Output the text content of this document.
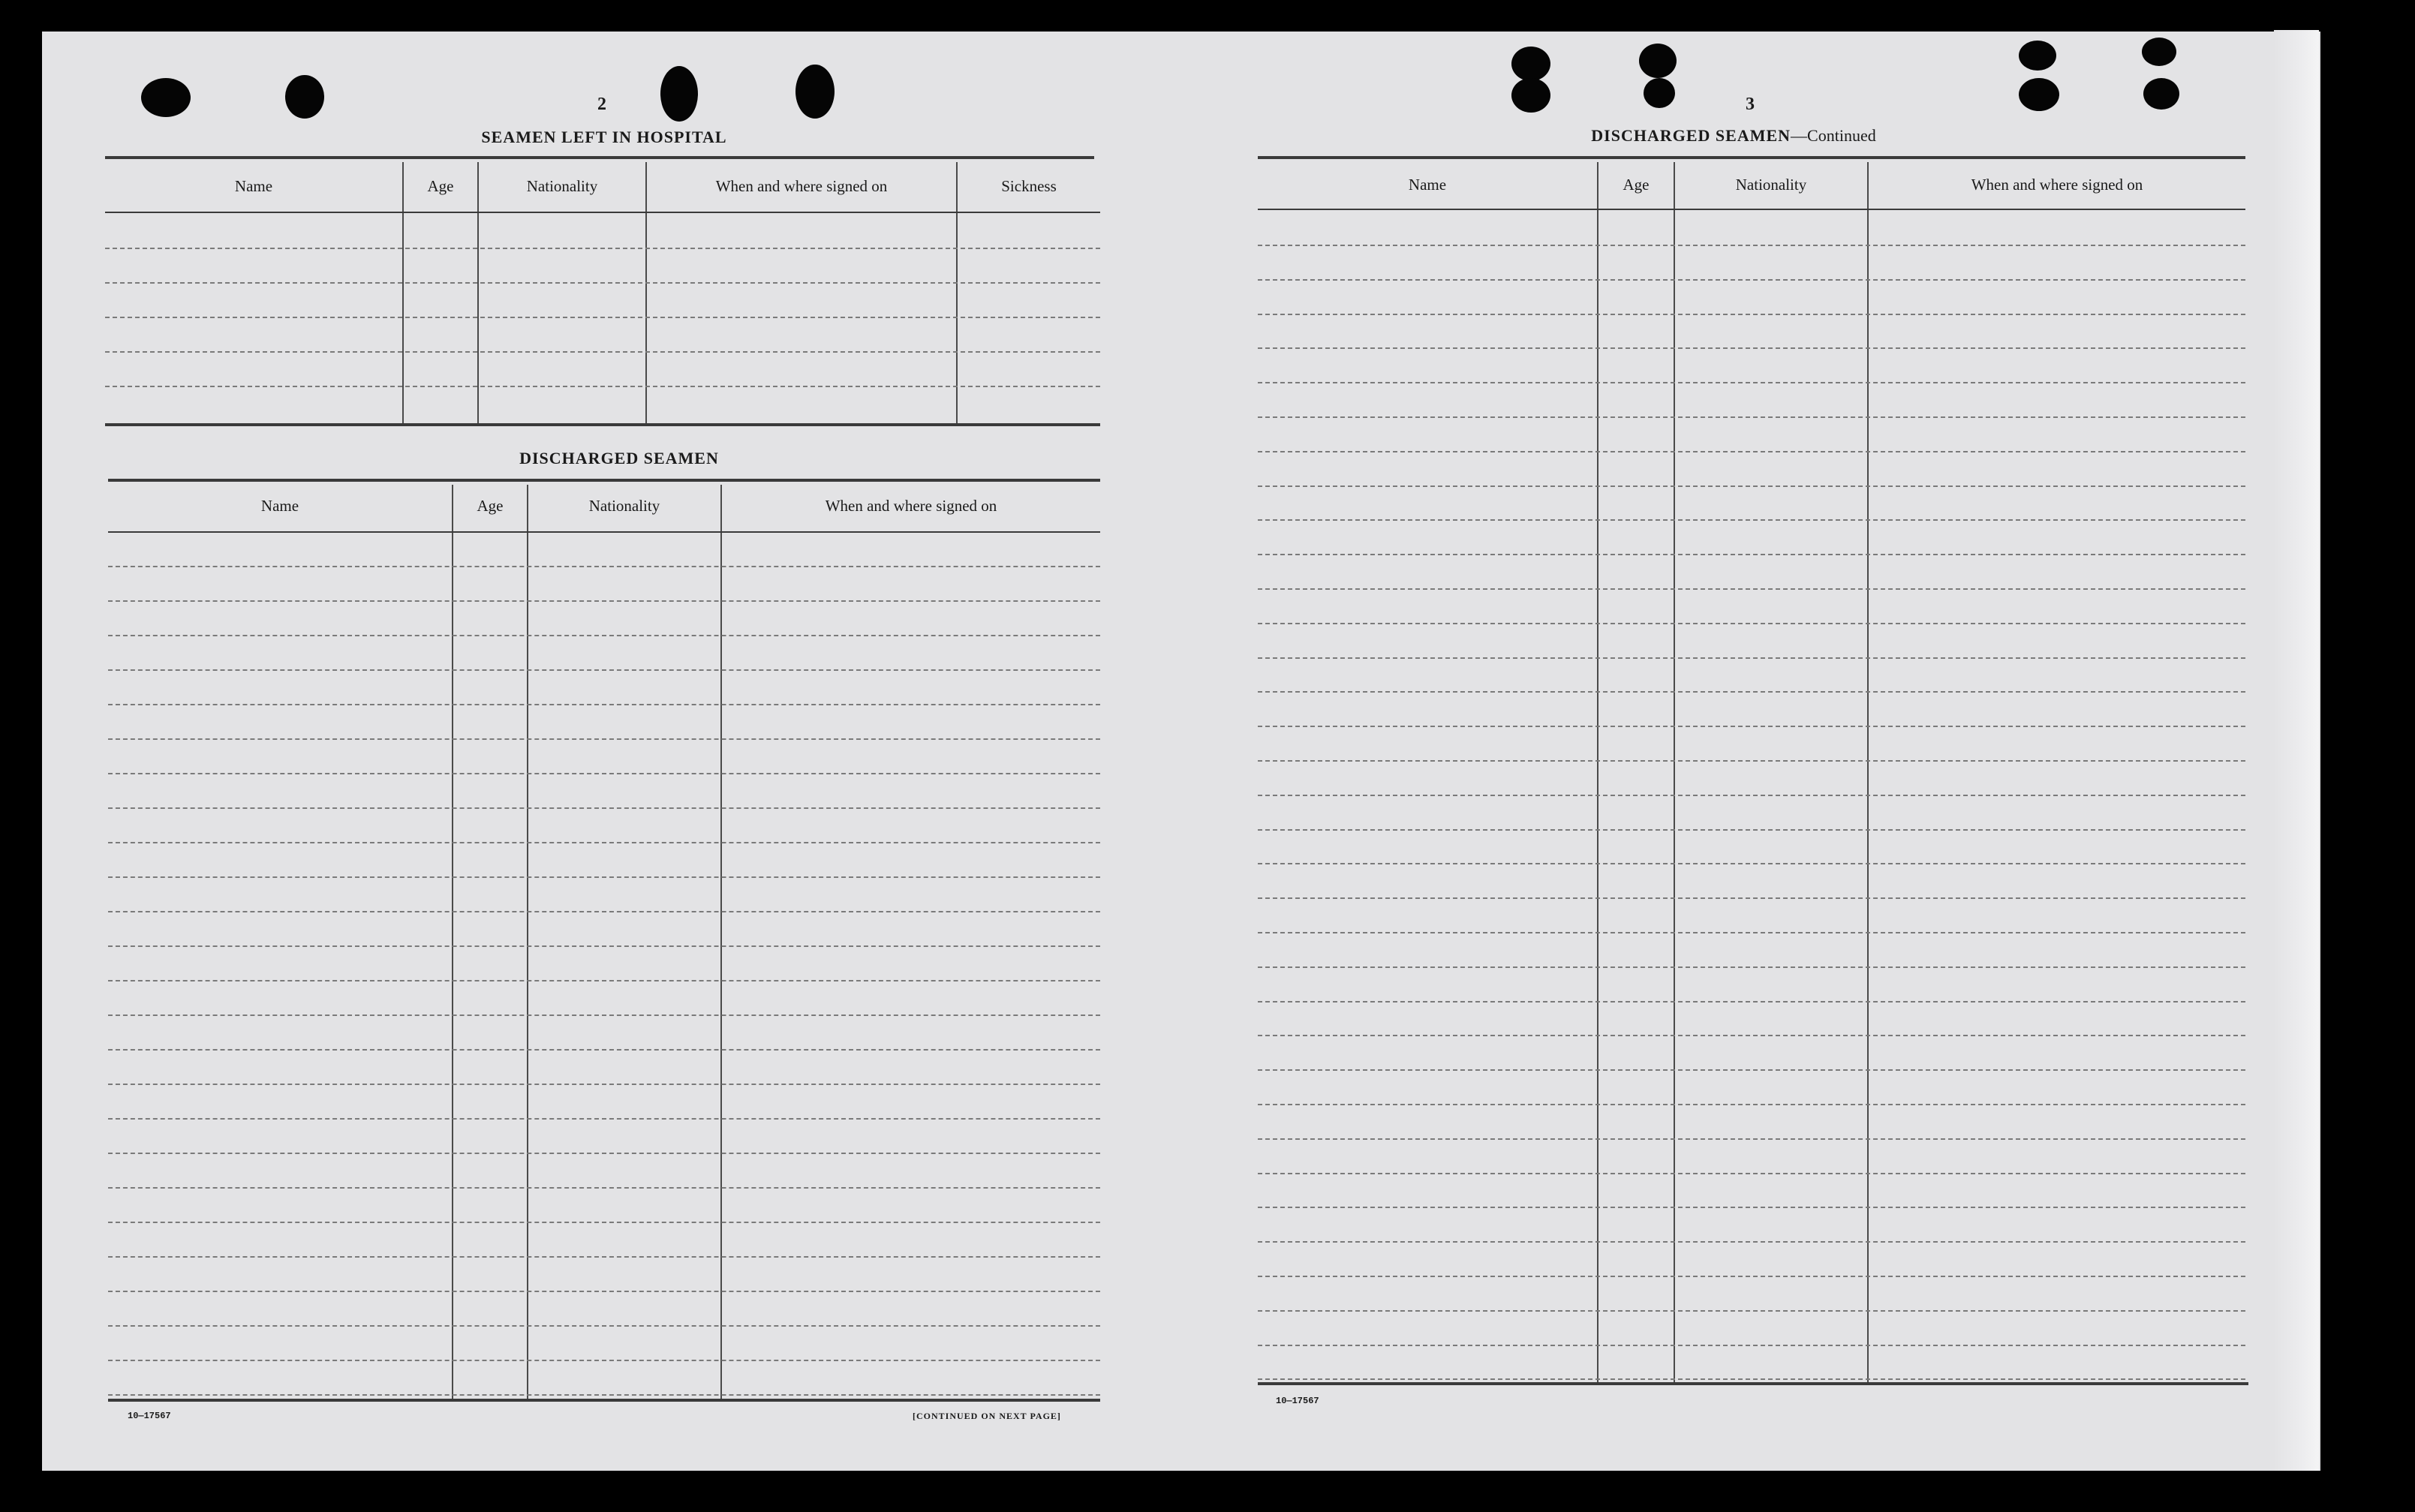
2
SEAMEN LEFT IN HOSPITAL
Name	Age	Nationality	When and where signed on	Sickness
DISCHARGED SEAMEN
Name	Age	Nationality	When and where signed on
10—17567	[CONTINUED ON NEXT PAGE]
3
DISCHARGED SEAMEN—Continued
Name	Age	Nationality	When and where signed on
10—17567
